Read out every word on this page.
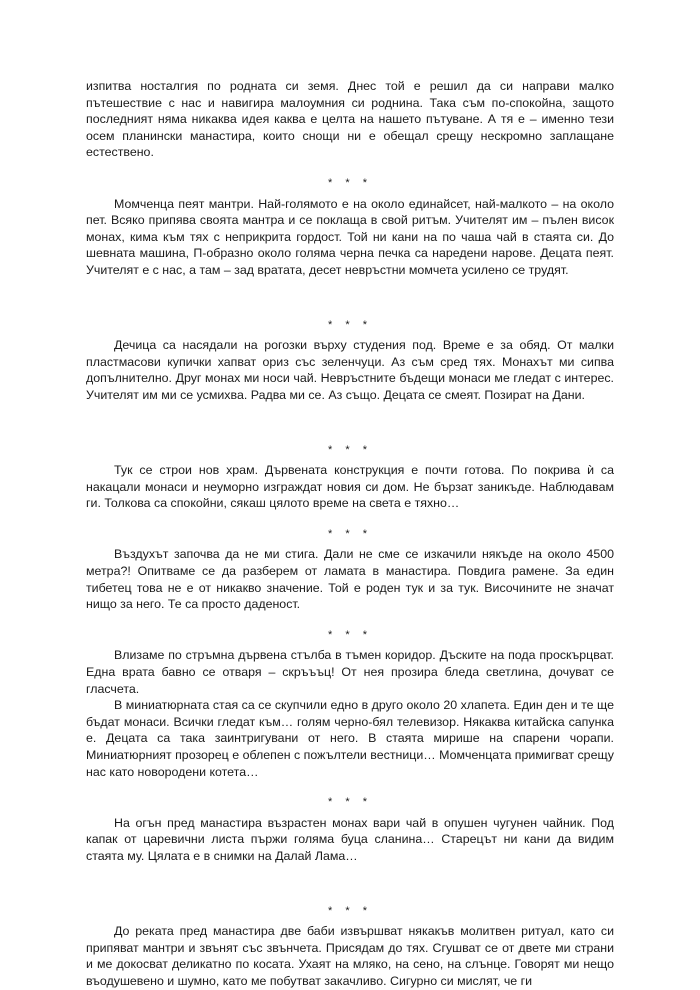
изпитва носталгия по родната си земя. Днес той е решил да си направи малко пътешествие с нас и навигира малоумния си роднина. Така съм по-спокойна, защото последният няма никаква идея каква е целта на нашето пътуване. А тя е – именно тези осем планински манастира, които снощи ни е обещал срещу нескромно заплащане естествено.

* * *

Момченца пеят мантри. Най-голямото е на около единайсет, най-малкото – на около пет. Всяко припява своята мантра и се поклаща в свой ритъм. Учителят им – пълен висок монах, кима към тях с неприкрита гордост. Той ни кани на по чаша чай в стаята си. До шевната машина, П-образно около голяма черна печка са наредени нарове. Децата пеят. Учителят е с нас, а там – зад вратата, десет невръстни момчета усилено се трудят.

* * *

Дечица са насядали на рогозки върху студения под. Време е за обяд. От малки пластмасови купички хапват ориз със зеленчуци. Аз съм сред тях. Монахът ми сипва допълнително. Друг монах ми носи чай. Невръстните бъдещи монаси ме гледат с интерес. Учителят им ми се усмихва. Радва ми се. Аз също. Децата се смеят. Позират на Дани.

* * *

Тук се строи нов храм. Дървената конструкция е почти готова. По покрива ѝ са накацали монаси и неуморно изграждат новия си дом. Не бързат заникъде. Наблюдавам ги. Толкова са спокойни, сякаш цялото време на света е тяхно…

* * *

Въздухът започва да не ми стига. Дали не сме се изкачили някъде на около 4500 метра?! Опитваме се да разберем от ламата в манастира. Повдига рамене. За един тибетец това не е от никакво значение. Той е роден тук и за тук. Височините не значат нищо за него. Те са просто даденост.

* * *

Влизаме по стръмна дървена стълба в тъмен коридор. Дъските на пода проскърцват. Една врата бавно се отваря – скръъъц! От нея прозира бледа светлина, дочуват се гласчета.

В миниатюрната стая са се скупчили едно в друго около 20 хлапета. Един ден и те ще бъдат монаси. Всички гледат към… голям черно-бял телевизор. Някаква китайска сапунка е. Децата са така заинтригувани от него. В стаята мирише на спарени чорапи. Миниатюрният прозорец е облепен с пожълтели вестници… Момченцата примигват срещу нас като новородени котета…

* * *

На огън пред манастира възрастен монах вари чай в опушен чугунен чайник. Под капак от царевични листа пържи голяма буца сланина… Старецът ни кани да видим стаята му. Цялата е в снимки на Далай Лама…

* * *

До реката пред манастира две баби извършват някакъв молитвен ритуал, като си припяват мантри и звънят със звънчета. Присядам до тях. Сгушват се от двете ми страни и ме докосват деликатно по косата. Ухаят на мляко, на сено, на слънце. Говорят ми нещо въодушевено и шумно, като ме побутват закачливо. Сигурно си мислят, че ги
